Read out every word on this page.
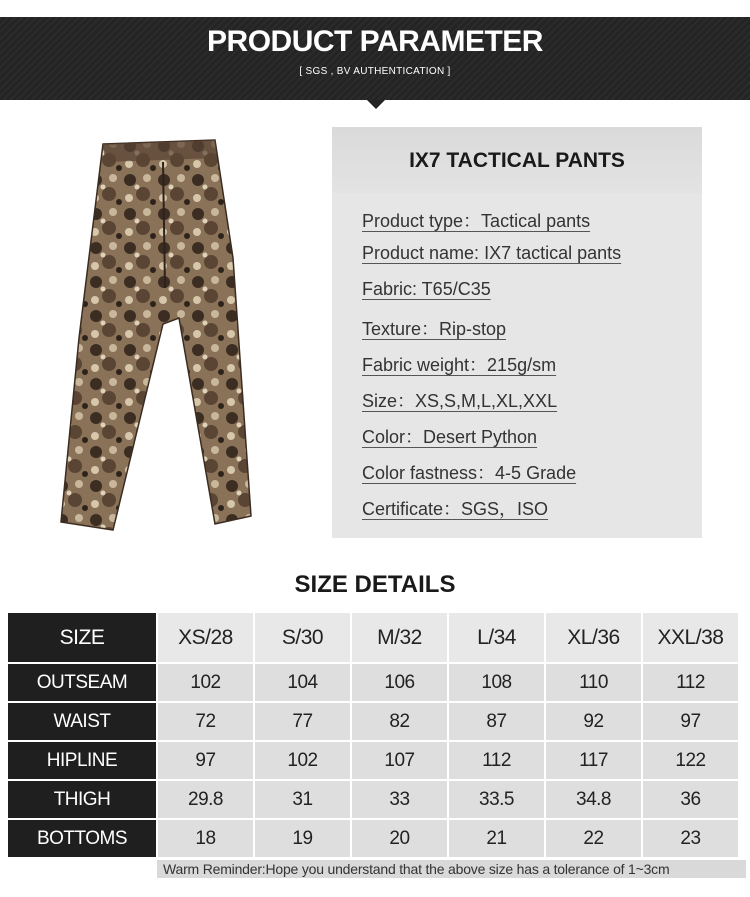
PRODUCT PARAMETER
[ SGS , BV AUTHENTICATION ]
IX7 TACTICAL PANTS
Product type：Tactical pants
Product name: IX7 tactical pants
Fabric: T65/C35
Texture：Rip-stop
Fabric weight：215g/sm
Size：XS,S,M,L,XL,XXL
Color：Desert Python
Color fastness：4-5 Grade
Certificate：SGS，ISO
SIZE DETAILS
SIZE	XS/28	S/30	M/32	L/34	XL/36	XXL/38
OUTSEAM	102	104	106	108	110	112
WAIST	72	77	82	87	92	97
HIPLINE	97	102	107	112	117	122
THIGH	29.8	31	33	33.5	34.8	36
BOTTOMS	18	19	20	21	22	23
Warm Reminder:Hope you understand that the above size has a tolerance of 1~3cm
